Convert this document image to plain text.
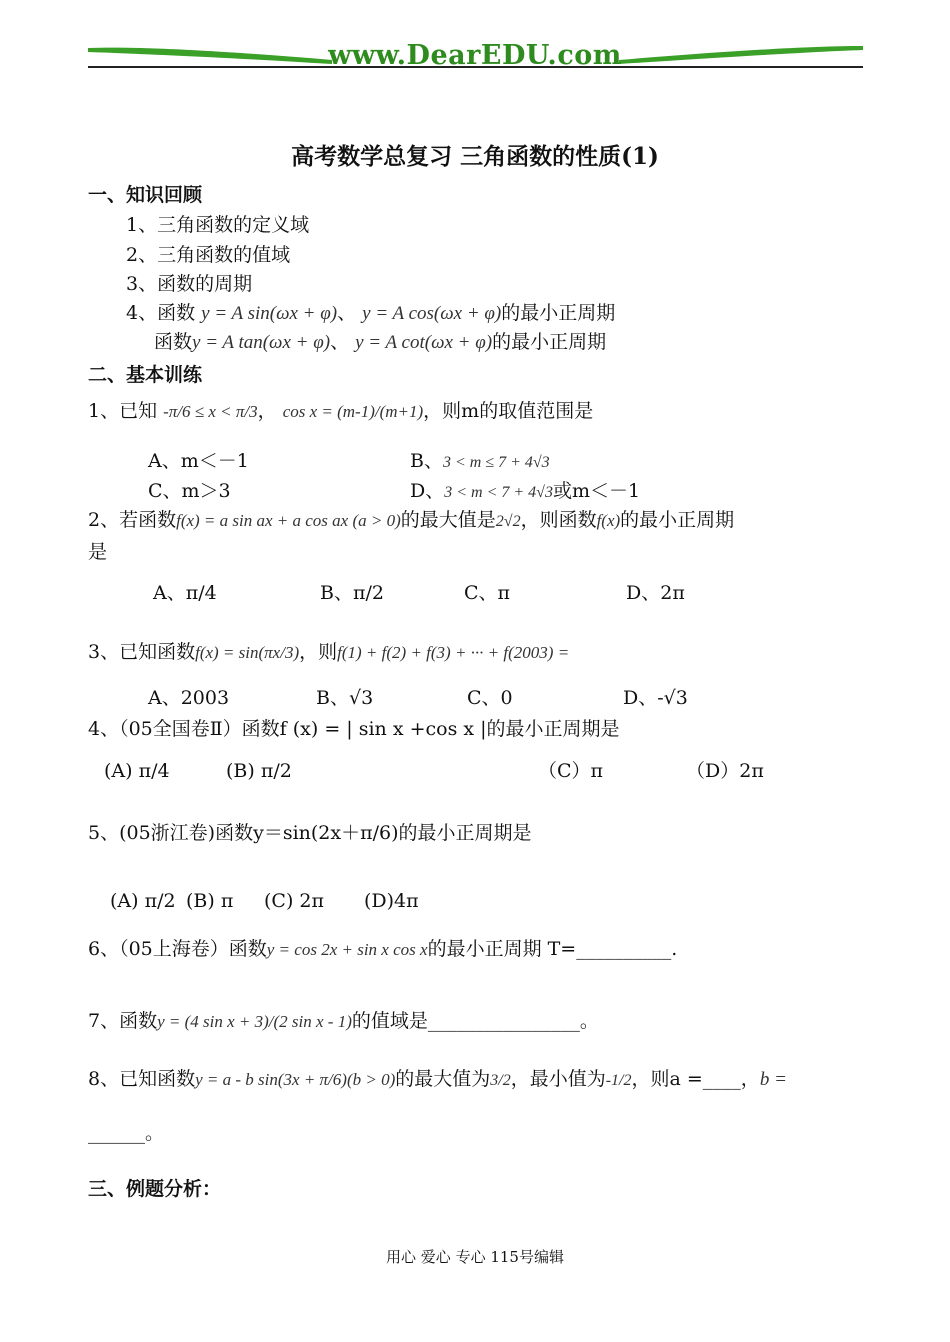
www.DearEDU.com
高考数学总复习 三角函数的性质(1)
一、知识回顾
1、三角函数的定义域
2、三角函数的值域
3、函数的周期
4、函数 y = A sin(ωx + φ)、 y = A cos(ωx + φ)的最小正周期
函数y = A tan(ωx + φ)、 y = A cot(ωx + φ)的最小正周期
二、基本训练
1、已知 -π/6 ≤ x < π/3， cos x = (m-1)/(m+1)，则m的取值范围是
A、m＜－1	B、3 < m ≤ 7 + 4√3
C、m＞3	D、3 < m < 7 + 4√3或m＜－1
2、若函数f(x) = a sin ax + a cos ax (a > 0)的最大值是2√2，则函数f(x)的最小正周期
是
A、π/4	B、π/2	C、π	D、2π
3、已知函数f(x) = sin(πx/3)，则f(1) + f(2) + f(3) + ··· + f(2003) =
A、2003	B、√3	C、0	D、-√3
4、（05全国卷Ⅱ）函数f (x) = | sin x +cos x |的最小正周期是
(A) π/4	(B) π/2	（C）π	（D）2π
5、(05浙江卷)函数y＝sin(2x＋π/6)的最小正周期是
(A) π/2 (B) π (C) 2π (D)4π
6、（05上海卷）函数y = cos 2x + sin x cos x的最小正周期 T=__________.
7、函数y = (4 sin x + 3)/(2 sin x - 1)的值域是________________。
8、已知函数y = a - b sin(3x + π/6)(b > 0)的最大值为3/2，最小值为-1/2，则a =____，b =
______。
三、例题分析：
用心 爱心 专心 115号编辑
